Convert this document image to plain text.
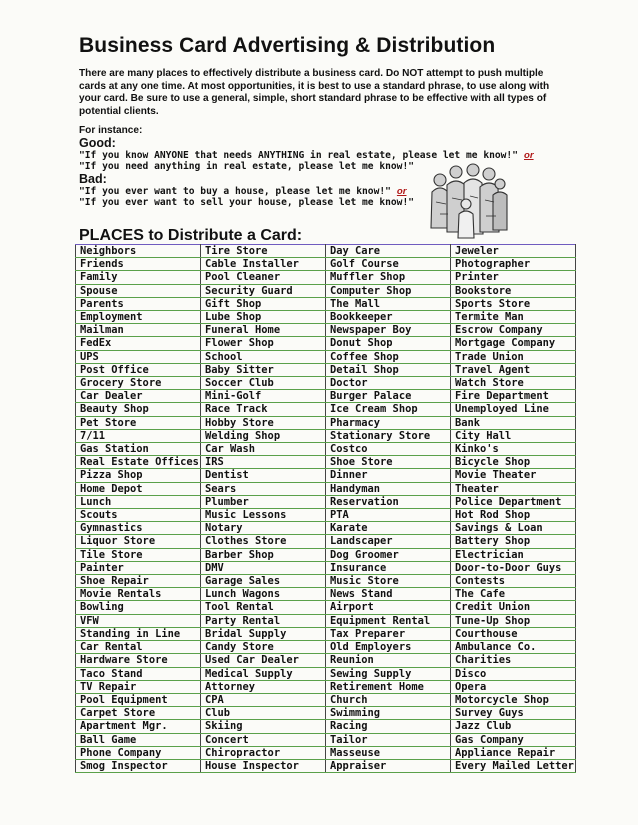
Business Card Advertising & Distribution
There are many places to effectively distribute a business card. Do NOT attempt to push multiple cards at any one time. At most opportunities, it is best to use a standard phrase, to use along with your card. Be sure to use a general, simple, short standard phrase to be effective with all types of potential clients.
For instance:
Good:
"If you know ANYONE that needs ANYTHING in real estate, please let me know!" or
"If you need anything in real estate, please let me know!"
Bad:
"If you ever want to buy a house, please let me know!" or
"If you ever want to sell your house, please let me know!"
PLACES to Distribute a Card:
Neighbors	Tire Store	Day Care	Jeweler
Friends	Cable Installer	Golf Course	Photographer
Family	Pool Cleaner	Muffler Shop	Printer
Spouse	Security Guard	Computer Shop	Bookstore
Parents	Gift Shop	The Mall	Sports Store
Employment	Lube Shop	Bookkeeper	Termite Man
Mailman	Funeral Home	Newspaper Boy	Escrow Company
FedEx	Flower Shop	Donut Shop	Mortgage Company
UPS	School	Coffee Shop	Trade Union
Post Office	Baby Sitter	Detail Shop	Travel Agent
Grocery Store	Soccer Club	Doctor	Watch Store
Car Dealer	Mini-Golf	Burger Palace	Fire Department
Beauty Shop	Race Track	Ice Cream Shop	Unemployed Line
Pet Store	Hobby Store	Pharmacy	Bank
7/11	Welding Shop	Stationary Store	City Hall
Gas Station	Car Wash	Costco	Kinko's
Real Estate Offices	IRS	Shoe Store	Bicycle Shop
Pizza Shop	Dentist	Dinner	Movie Theater
Home Depot	Sears	Handyman	Theater
Lunch	Plumber	Reservation	Police Department
Scouts	Music Lessons	PTA	Hot Rod Shop
Gymnastics	Notary	Karate	Savings & Loan
Liquor Store	Clothes Store	Landscaper	Battery Shop
Tile Store	Barber Shop	Dog Groomer	Electrician
Painter	DMV	Insurance	Door-to-Door Guys
Shoe Repair	Garage Sales	Music Store	Contests
Movie Rentals	Lunch Wagons	News Stand	The Cafe
Bowling	Tool Rental	Airport	Credit Union
VFW	Party Rental	Equipment Rental	Tune-Up Shop
Standing in Line	Bridal Supply	Tax Preparer	Courthouse
Car Rental	Candy Store	Old Employers	Ambulance Co.
Hardware Store	Used Car Dealer	Reunion	Charities
Taco Stand	Medical Supply	Sewing Supply	Disco
TV Repair	Attorney	Retirement Home	Opera
Pool Equipment	CPA	Church	Motorcycle Shop
Carpet Store	Club	Swimming	Survey Guys
Apartment Mgr.	Skiing	Racing	Jazz Club
Ball Game	Concert	Tailor	Gas Company
Phone Company	Chiropractor	Masseuse	Appliance Repair
Smog Inspector	House Inspector	Appraiser	Every Mailed Letter
